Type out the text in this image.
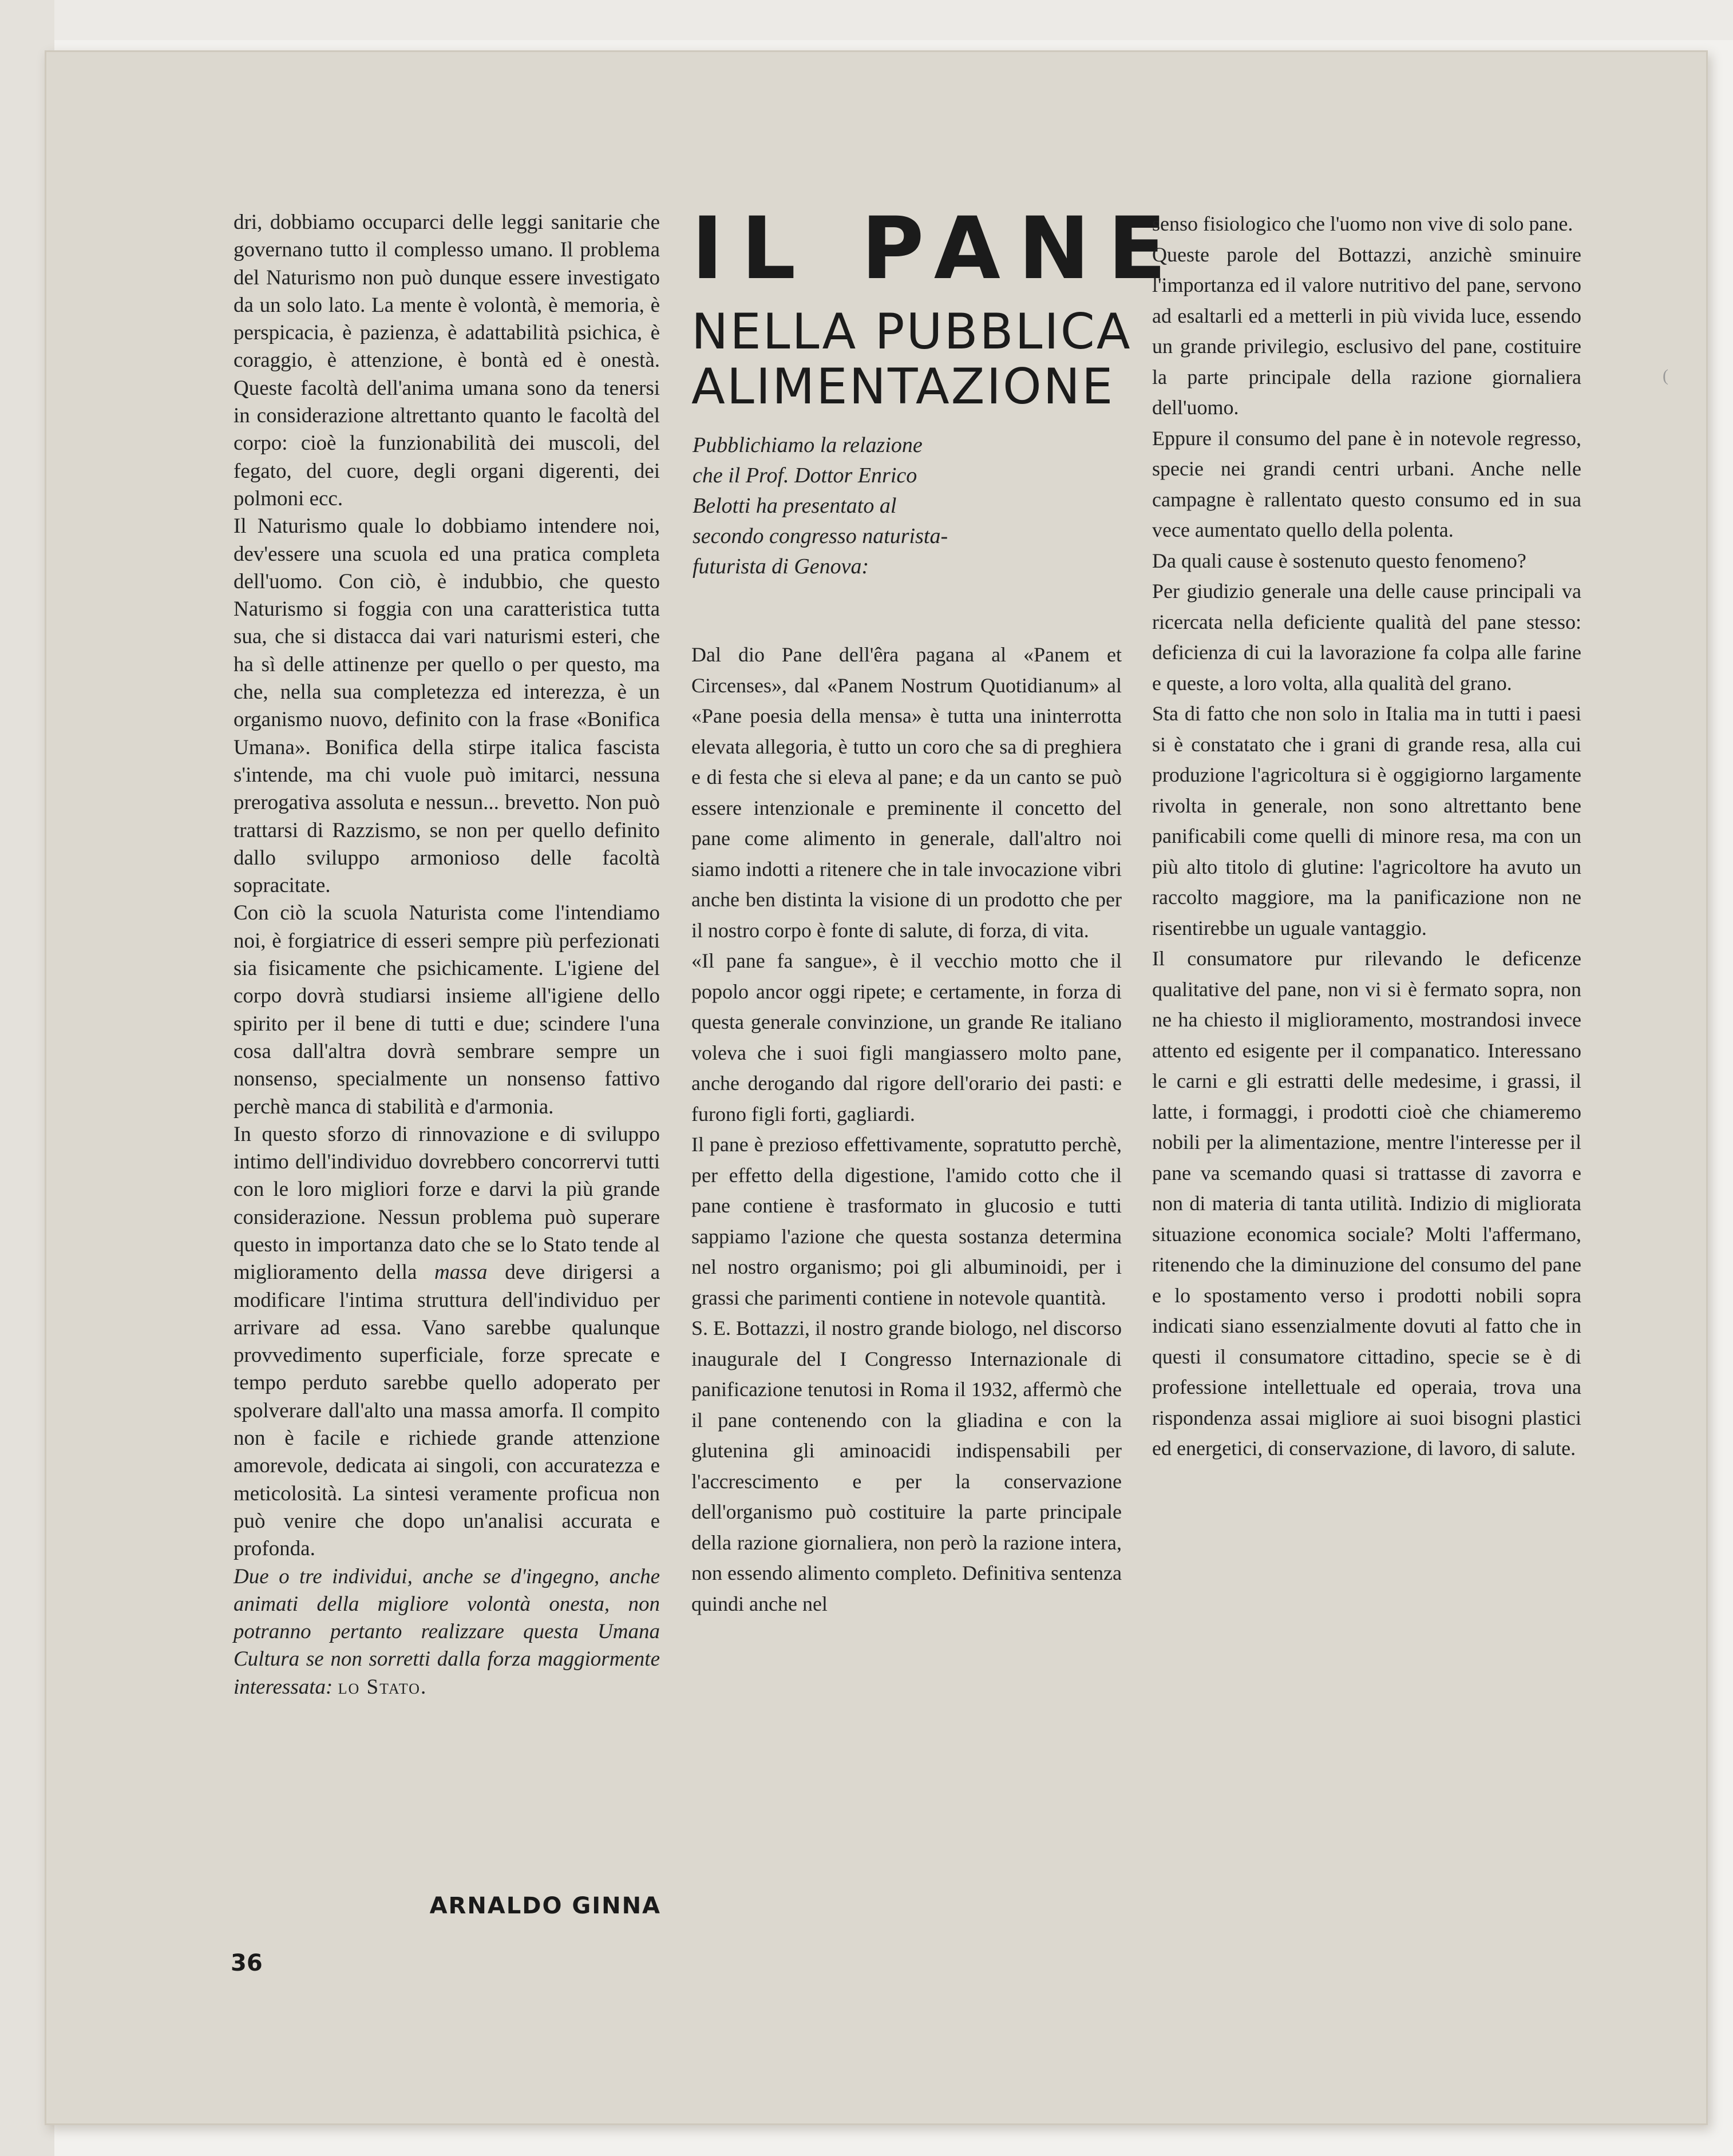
dri, dobbiamo occuparci delle leggi sanitarie che governano tutto il complesso umano. Il problema del Naturismo non può dunque essere investigato da un solo lato. La mente è volontà, è memoria, è perspicacia, è pazienza, è adattabilità psichica, è coraggio, è attenzione, è bontà ed è onestà. Queste facoltà dell'anima umana sono da tenersi in considerazione altrettanto quanto le facoltà del corpo: cioè la funzionabilità dei muscoli, del fegato, del cuore, degli organi digerenti, dei polmoni ecc.

Il Naturismo quale lo dobbiamo intendere noi, dev'essere una scuola ed una pratica completa dell'uomo. Con ciò, è indubbio, che questo Naturismo si foggia con una caratteristica tutta sua, che si distacca dai vari naturismi esteri, che ha sì delle attinenze per quello o per questo, ma che, nella sua completezza ed interezza, è un organismo nuovo, definito con la frase «Bonifica Umana». Bonifica della stirpe italica fascista s'intende, ma chi vuole può imitarci, nessuna prerogativa assoluta e nessun... brevetto. Non può trattarsi di Razzismo, se non per quello definito dallo sviluppo armonioso delle facoltà sopracitate.

Con ciò la scuola Naturista come l'intendiamo noi, è forgiatrice di esseri sempre più perfezionati sia fisicamente che psichicamente. L'igiene del corpo dovrà studiarsi insieme all'igiene dello spirito per il bene di tutti e due; scindere l'una cosa dall'altra dovrà sembrare sempre un nonsenso, specialmente un nonsenso fattivo perchè manca di stabilità e d'armonia.

In questo sforzo di rinnovazione e di sviluppo intimo dell'individuo dovrebbero concorrervi tutti con le loro migliori forze e darvi la più grande considerazione. Nessun problema può superare questo in importanza dato che se lo Stato tende al miglioramento della massa deve dirigersi a modificare l'intima struttura dell'individuo per arrivare ad essa. Vano sarebbe qualunque provvedimento superficiale, forze sprecate e tempo perduto sarebbe quello adoperato per spolverare dall'alto una massa amorfa. Il compito non è facile e richiede grande attenzione amorevole, dedicata ai singoli, con accuratezza e meticolosità. La sintesi veramente proficua non può venire che dopo un'analisi accurata e profonda.

Due o tre individui, anche se d'ingegno, anche animati della migliore volontà onesta, non potranno pertanto realizzare questa Umana Cultura se non sorretti dalla forza maggiormente interessata: lo Stato.

IL PANE
NELLA PUBBLICA
ALIMENTAZIONE
Pubblichiamo la relazione che il Prof. Dottor Enrico Belotti ha presentato al secondo congresso naturista-futurista di Genova:

Dal dio Pane dell'êra pagana al «Panem et Circenses», dal «Panem Nostrum Quotidianum» al «Pane poesia della mensa» è tutta una ininterrotta elevata allegoria, è tutto un coro che sa di preghiera e di festa che si eleva al pane; e da un canto se può essere intenzionale e preminente il concetto del pane come alimento in generale, dall'altro noi siamo indotti a ritenere che in tale invocazione vibri anche ben distinta la visione di un prodotto che per il nostro corpo è fonte di salute, di forza, di vita.

«Il pane fa sangue», è il vecchio motto che il popolo ancor oggi ripete; e certamente, in forza di questa generale convinzione, un grande Re italiano voleva che i suoi figli mangiassero molto pane, anche derogando dal rigore dell'orario dei pasti: e furono figli forti, gagliardi.

Il pane è prezioso effettivamente, sopratutto perchè, per effetto della digestione, l'amido cotto che il pane contiene è trasformato in glucosio e tutti sappiamo l'azione che questa sostanza determina nel nostro organismo; poi gli albuminoidi, per i grassi che parimenti contiene in notevole quantità.

S. E. Bottazzi, il nostro grande biologo, nel discorso inaugurale del I Congresso Internazionale di panificazione tenutosi in Roma il 1932, affermò che il pane contenendo con la gliadina e con la glutenina gli aminoacidi indispensabili per l'accrescimento e per la conservazione dell'organismo può costituire la parte principale della razione giornaliera, non però la razione intera, non essendo alimento completo. Definitiva sentenza quindi anche nel

senso fisiologico che l'uomo non vive di solo pane.

Queste parole del Bottazzi, anzichè sminuire l'importanza ed il valore nutritivo del pane, servono ad esaltarli ed a metterli in più vivida luce, essendo un grande privilegio, esclusivo del pane, costituire la parte principale della razione giornaliera dell'uomo.

Eppure il consumo del pane è in notevole regresso, specie nei grandi centri urbani. Anche nelle campagne è rallentato questo consumo ed in sua vece aumentato quello della polenta.

Da quali cause è sostenuto questo fenomeno?

Per giudizio generale una delle cause principali va ricercata nella deficiente qualità del pane stesso: deficienza di cui la lavorazione fa colpa alle farine e queste, a loro volta, alla qualità del grano.

Sta di fatto che non solo in Italia ma in tutti i paesi si è constatato che i grani di grande resa, alla cui produzione l'agricoltura si è oggigiorno largamente rivolta in generale, non sono altrettanto bene panificabili come quelli di minore resa, ma con un più alto titolo di glutine: l'agricoltore ha avuto un raccolto maggiore, ma la panificazione non ne risentirebbe un uguale vantaggio.

Il consumatore pur rilevando le deficenze qualitative del pane, non vi si è fermato sopra, non ne ha chiesto il miglioramento, mostrandosi invece attento ed esigente per il companatico. Interessano le carni e gli estratti delle medesime, i grassi, il latte, i formaggi, i prodotti cioè che chiameremo nobili per la alimentazione, mentre l'interesse per il pane va scemando quasi si trattasse di zavorra e non di materia di tanta utilità. Indizio di migliorata situazione economica sociale? Molti l'affermano, ritenendo che la diminuzione del consumo del pane e lo spostamento verso i prodotti nobili sopra indicati siano essenzialmente dovuti al fatto che in questi il consumatore cittadino, specie se è di professione intellettuale ed operaia, trova una rispondenza assai migliore ai suoi bisogni plastici ed energetici, di conservazione, di lavoro, di salute.

ARNALDO GINNA
36
(
